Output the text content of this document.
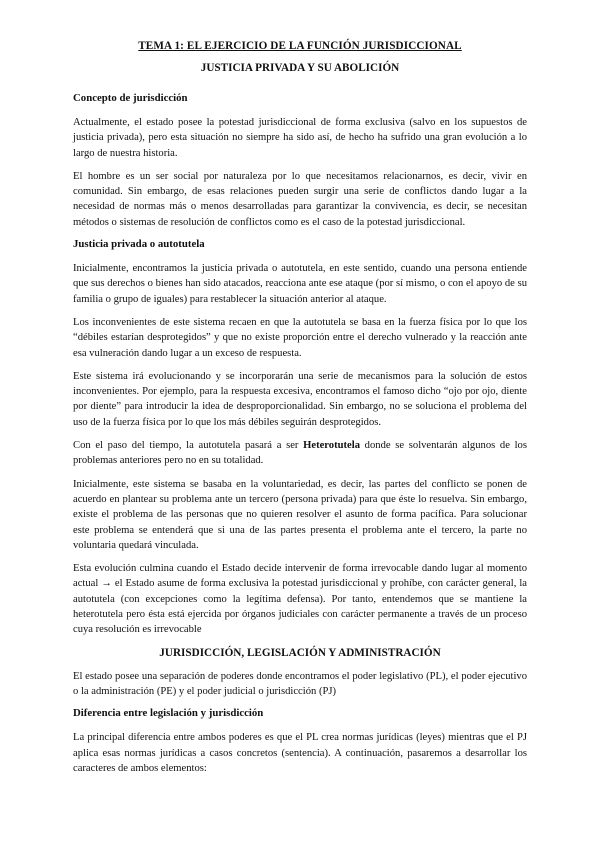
TEMA 1: EL EJERCICIO DE LA FUNCIÓN JURISDICCIONAL
JUSTICIA PRIVADA Y SU ABOLICIÓN
Concepto de jurisdicción

Actualmente, el estado posee la potestad jurisdiccional de forma exclusiva (salvo en los supuestos de justicia privada), pero esta situación no siempre ha sido así, de hecho ha sufrido una gran evolución a lo largo de nuestra historia.

El hombre es un ser social por naturaleza por lo que necesitamos relacionarnos, es decir, vivir en comunidad. Sin embargo, de esas relaciones pueden surgir una serie de conflictos dando lugar a la necesidad de normas más o menos desarrolladas para garantizar la convivencia, es decir, se necesitan métodos o sistemas de resolución de conflictos como es el caso de la potestad jurisdiccional.

Justicia privada o autotutela

Inicialmente, encontramos la justicia privada o autotutela, en este sentido, cuando una persona entiende que sus derechos o bienes han sido atacados, reacciona ante ese ataque (por sí mismo, o con el apoyo de su familia o grupo de iguales) para restablecer la situación anterior al ataque.

Los inconvenientes de este sistema recaen en que la autotutela se basa en la fuerza física por lo que los “débiles estarían desprotegidos” y que no existe proporción entre el derecho vulnerado y la reacción ante esa vulneración dando lugar a un exceso de respuesta.

Este sistema irá evolucionando y se incorporarán una serie de mecanismos para la solución de estos inconvenientes. Por ejemplo, para la respuesta excesiva, encontramos el famoso dicho “ojo por ojo, diente por diente” para introducir la idea de desproporcionalidad. Sin embargo, no se soluciona el problema del uso de la fuerza física por lo que los más débiles seguirán desprotegidos.

Con el paso del tiempo, la autotutela pasará a ser Heterotutela donde se solventarán algunos de los problemas anteriores pero no en su totalidad.

Inicialmente, este sistema se basaba en la voluntariedad, es decir, las partes del conflicto se ponen de acuerdo en plantear su problema ante un tercero (persona privada) para que éste lo resuelva. Sin embargo, existe el problema de las personas que no quieren resolver el asunto de forma pacífica. Para solucionar este problema se entenderá que si una de las partes presenta el problema ante el tercero, la parte no voluntaria quedará vinculada.

Esta evolución culmina cuando el Estado decide intervenir de forma irrevocable dando lugar al momento actual → el Estado asume de forma exclusiva la potestad jurisdiccional y prohíbe, con carácter general, la autotutela (con excepciones como la legítima defensa). Por tanto, entendemos que se mantiene la heterotutela pero ésta está ejercida por órganos judiciales con carácter permanente a través de un proceso cuya resolución es irrevocable

JURISDICCIÓN, LEGISLACIÓN Y ADMINISTRACIÓN

El estado posee una separación de poderes donde encontramos el poder legislativo (PL), el poder ejecutivo o la administración (PE) y el poder judicial o jurisdicción (PJ)

Diferencia entre legislación y jurisdicción

La principal diferencia entre ambos poderes es que el PL crea normas jurídicas (leyes) mientras que el PJ aplica esas normas jurídicas a casos concretos (sentencia). A continuación, pasaremos a desarrollar los caracteres de ambos elementos:
